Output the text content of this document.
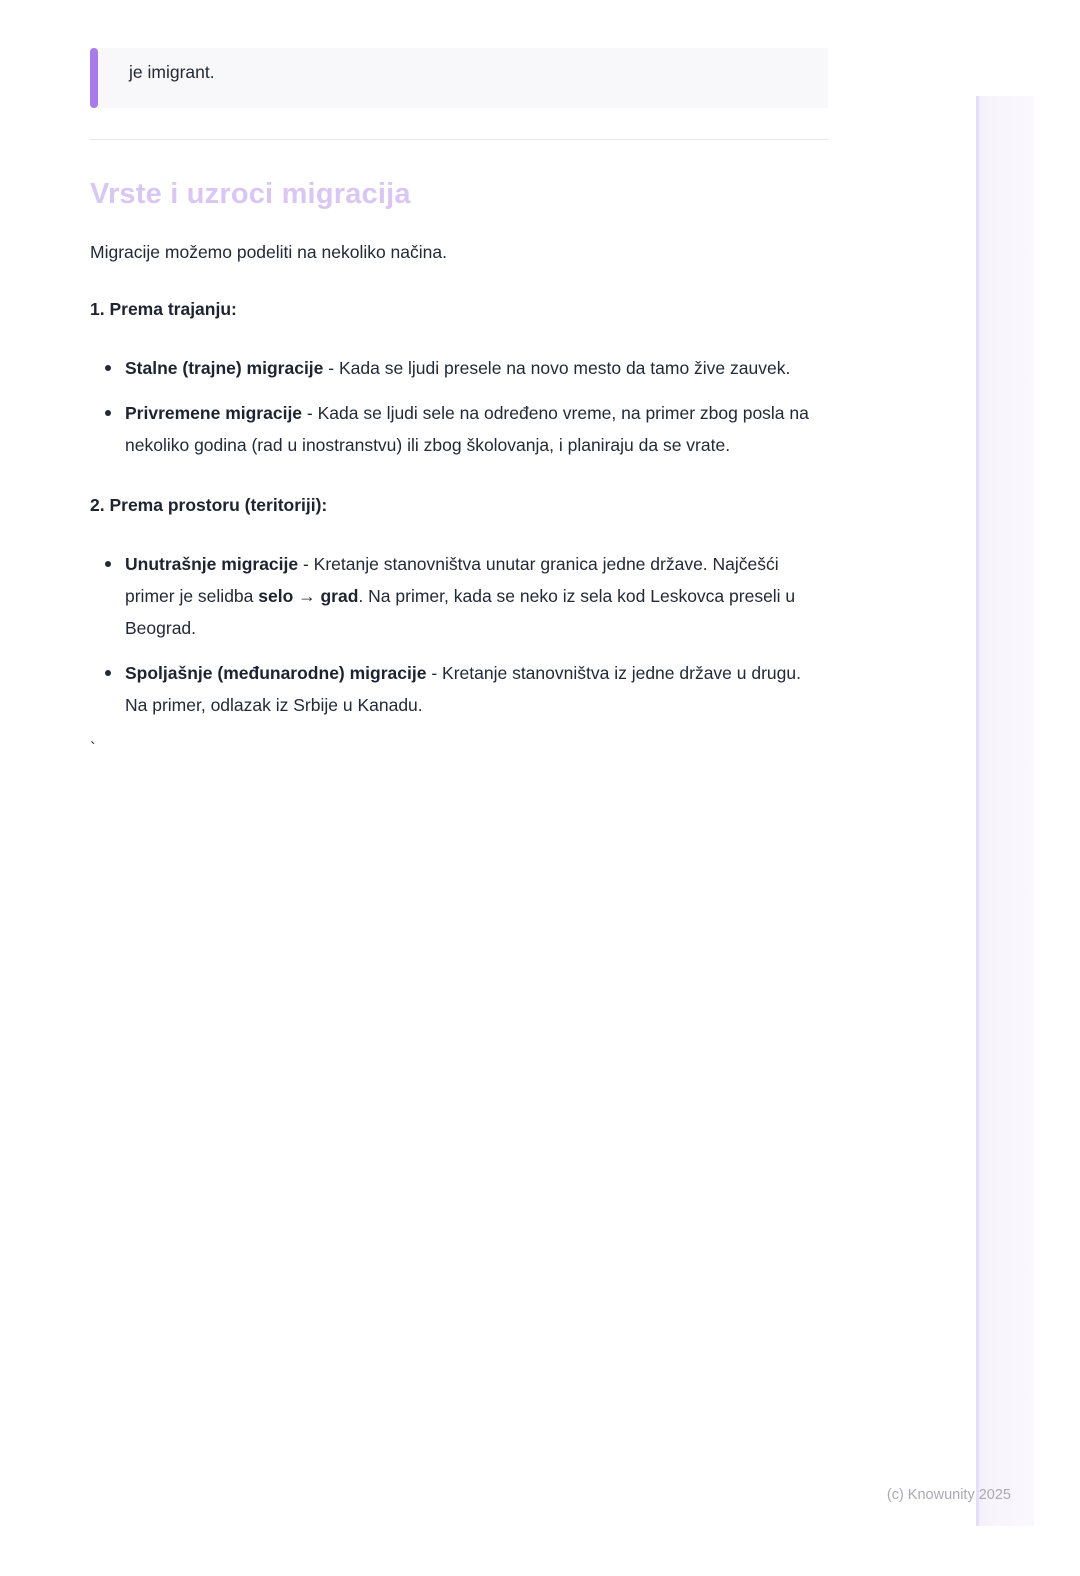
je imigrant.

Vrste i uzroci migracija

Migracije možemo podeliti na nekoliko načina.

1. Prema trajanju:
Stalne (trajne) migracije - Kada se ljudi presele na novo mesto da tamo žive zauvek.
Privremene migracije - Kada se ljudi sele na određeno vreme, na primer zbog posla na nekoliko godina (rad u inostranstvu) ili zbog školovanja, i planiraju da se vrate.
2. Prema prostoru (teritoriji):
Unutrašnje migracije - Kretanje stanovništva unutar granica jedne države. Najčešći primer je selidba selo → grad. Na primer, kada se neko iz sela kod Leskovca preseli u Beograd.
Spoljašnje (međunarodne) migracije - Kretanje stanovništva iz jedne države u drugu. Na primer, odlazak iz Srbije u Kanadu.
`
(c) Knowunity 2025
